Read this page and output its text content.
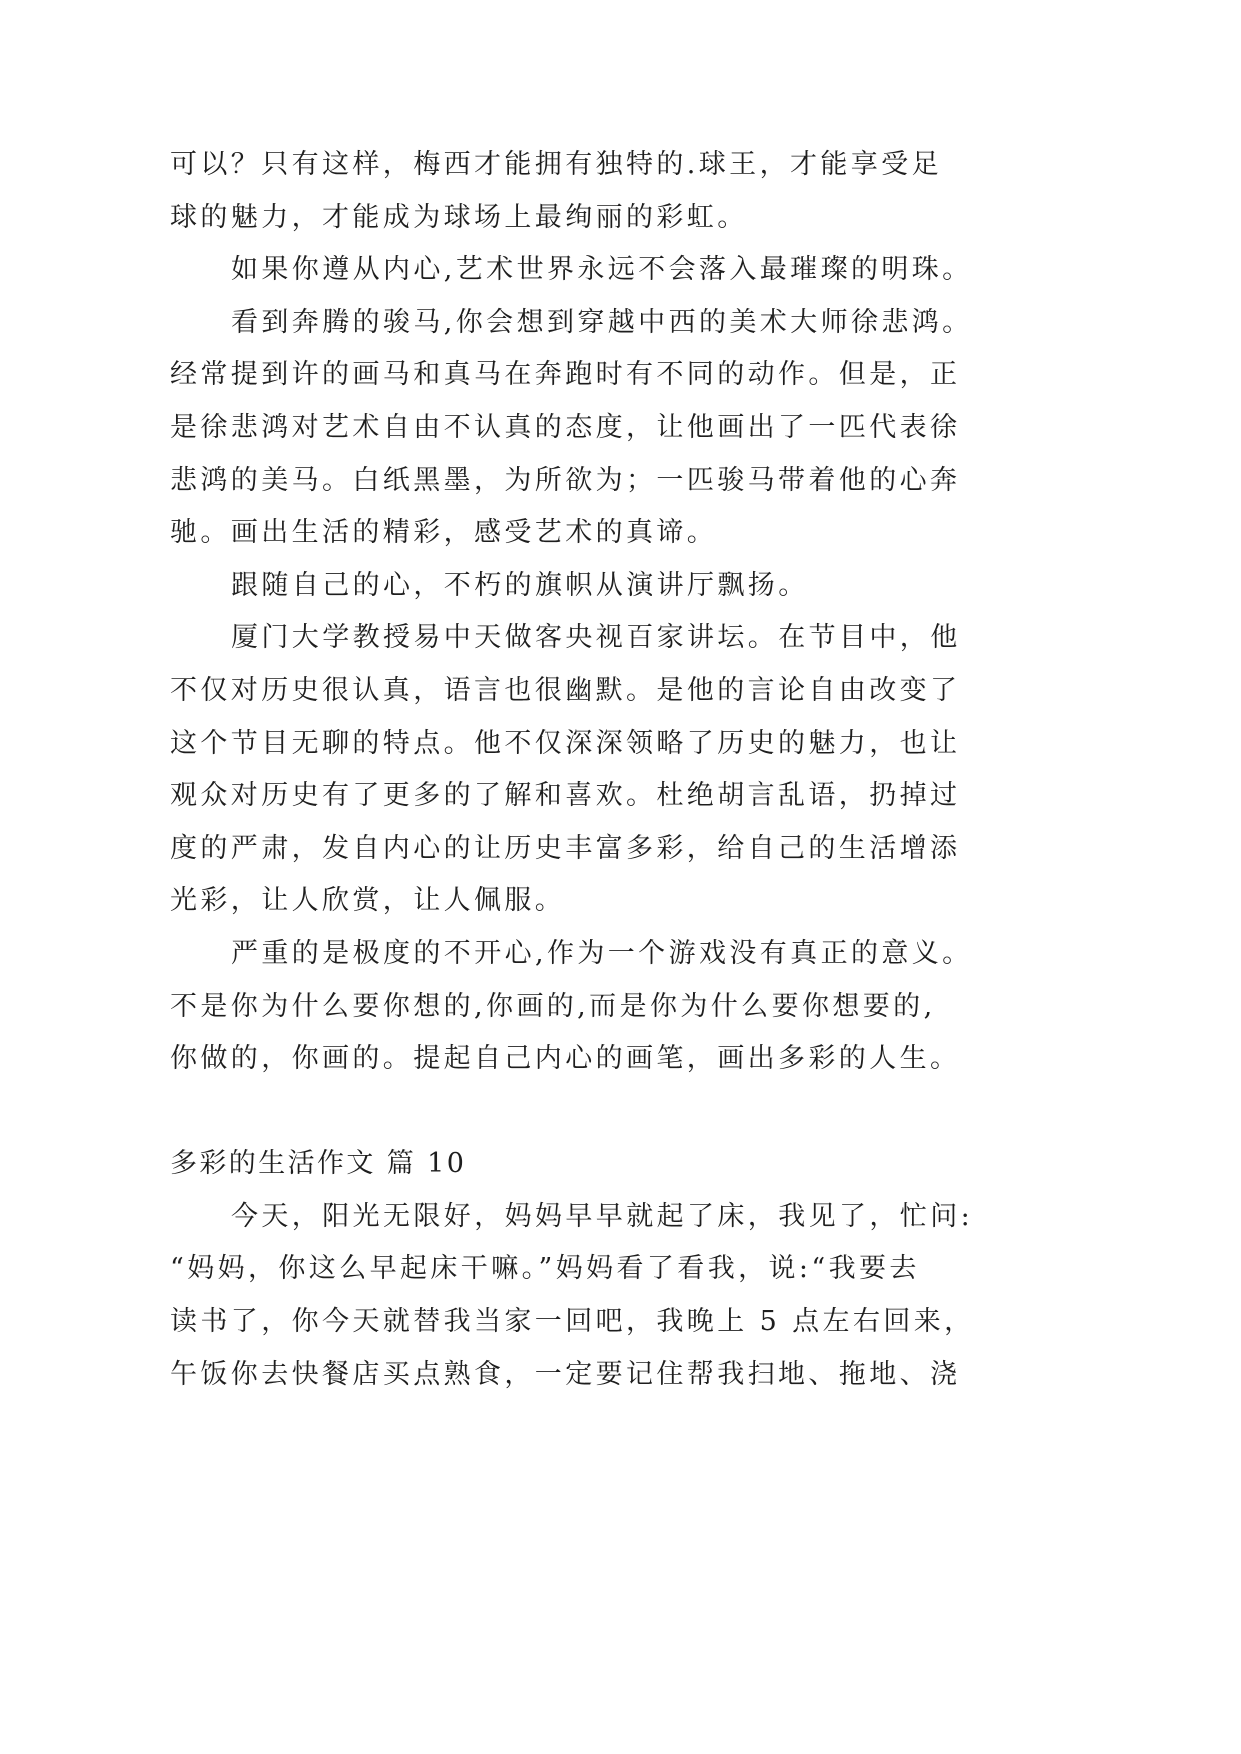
可以？只有这样，梅西才能拥有独特的.球王，才能享受足
球的魅力，才能成为球场上最绚丽的彩虹。
如果你遵从内心,艺术世界永远不会落入最璀璨的明珠。
看到奔腾的骏马,你会想到穿越中西的美术大师徐悲鸿。
经常提到许的画马和真马在奔跑时有不同的动作。但是，正
是徐悲鸿对艺术自由不认真的态度，让他画出了一匹代表徐
悲鸿的美马。白纸黑墨，为所欲为；一匹骏马带着他的心奔
驰。画出生活的精彩，感受艺术的真谛。
跟随自己的心，不朽的旗帜从演讲厅飘扬。
厦门大学教授易中天做客央视百家讲坛。在节目中，他
不仅对历史很认真，语言也很幽默。是他的言论自由改变了
这个节目无聊的特点。他不仅深深领略了历史的魅力，也让
观众对历史有了更多的了解和喜欢。杜绝胡言乱语，扔掉过
度的严肃，发自内心的让历史丰富多彩，给自己的生活增添
光彩，让人欣赏，让人佩服。
严重的是极度的不开心,作为一个游戏没有真正的意义。
不是你为什么要你想的,你画的,而是你为什么要你想要的,
你做的，你画的。提起自己内心的画笔，画出多彩的人生。
多彩的生活作文 篇 10
今天，阳光无限好，妈妈早早就起了床，我见了，忙问:
“妈妈，你这么早起床干嘛。”妈妈看了看我，说:“我要去
读书了，你今天就替我当家一回吧，我晚上 5 点左右回来，
午饭你去快餐店买点熟食，一定要记住帮我扫地、拖地、浇
